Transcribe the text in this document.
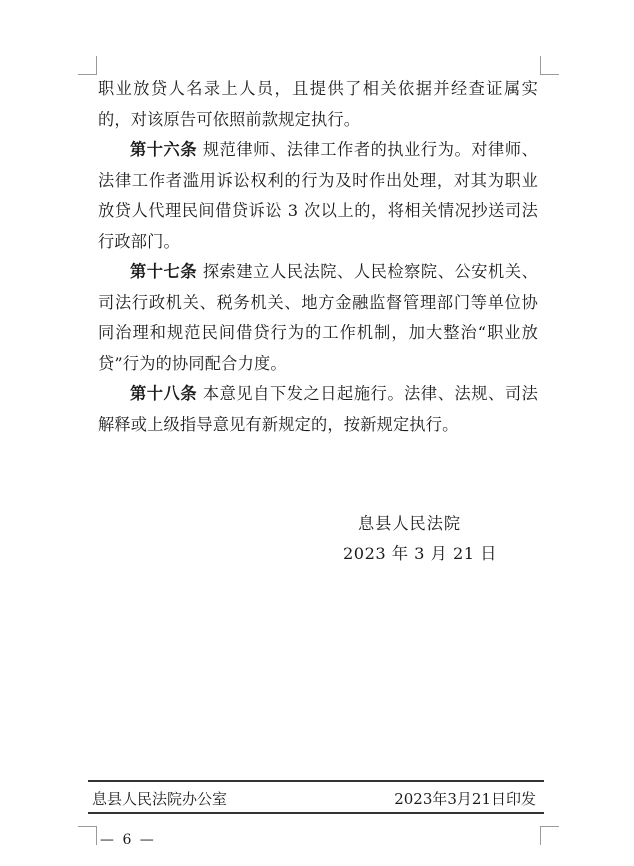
职业放贷人名录上人员，且提供了相关依据并经查证属实的，对该原告可依照前款规定执行。

第十六条 规范律师、法律工作者的执业行为。对律师、法律工作者滥用诉讼权利的行为及时作出处理，对其为职业放贷人代理民间借贷诉讼 3 次以上的，将相关情况抄送司法行政部门。

第十七条 探索建立人民法院、人民检察院、公安机关、司法行政机关、税务机关、地方金融监督管理部门等单位协同治理和规范民间借贷行为的工作机制，加大整治“职业放贷”行为的协同配合力度。

第十八条 本意见自下发之日起施行。法律、法规、司法解释或上级指导意见有新规定的，按新规定执行。

息县人民法院
2023 年 3 月 21 日
息县人民法院办公室	2023年3月21日印发
— 6 —
